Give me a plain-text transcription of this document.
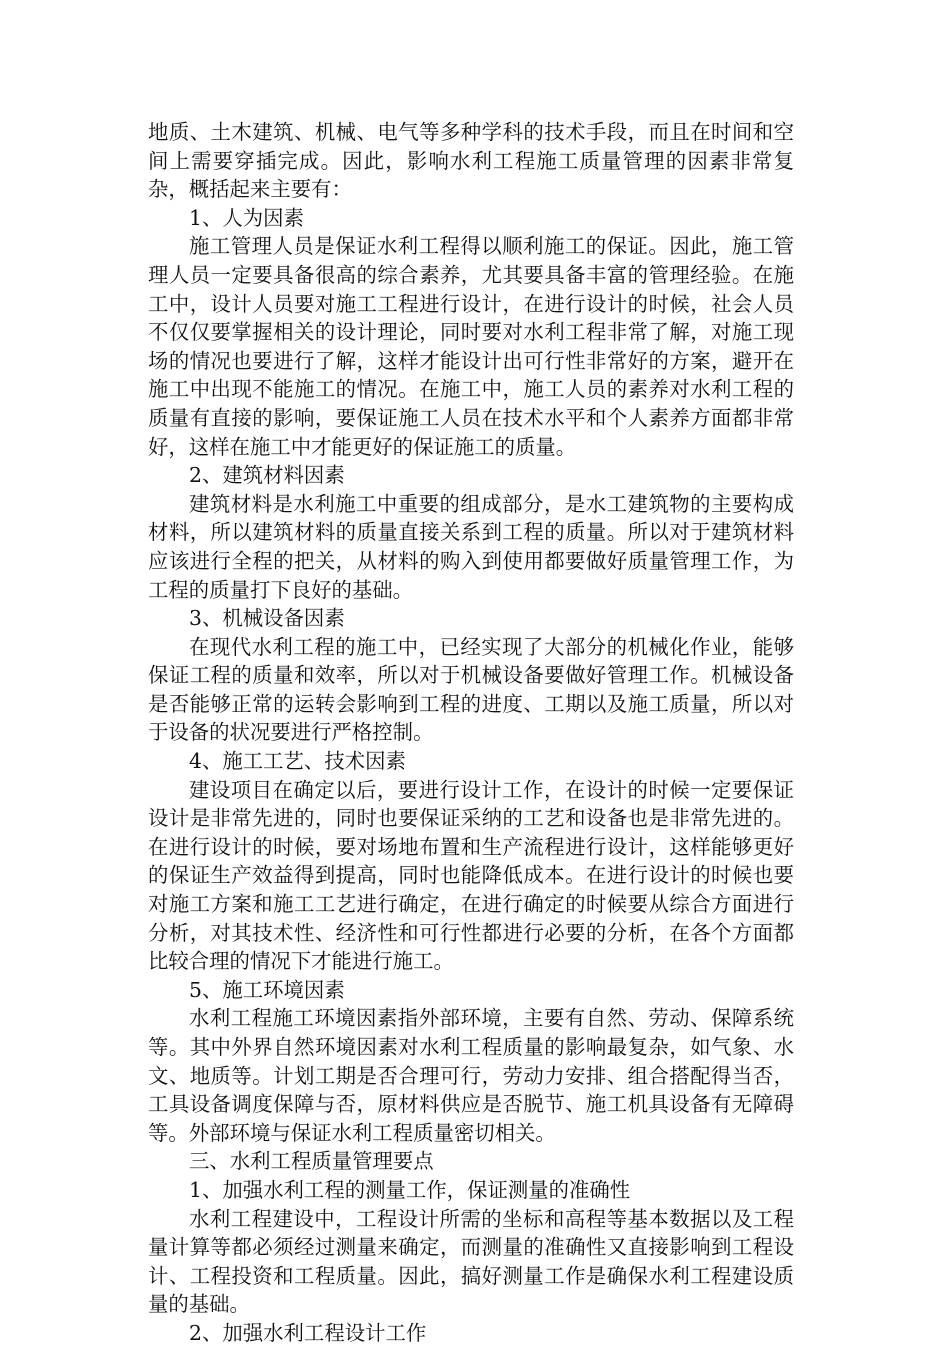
地质、土木建筑、机械、电气等多种学科的技术手段，而且在时间和空间上需要穿插完成。因此，影响水利工程施工质量管理的因素非常复杂，概括起来主要有：

1、人为因素

施工管理人员是保证水利工程得以顺利施工的保证。因此，施工管理人员一定要具备很高的综合素养，尤其要具备丰富的管理经验。在施工中，设计人员要对施工工程进行设计，在进行设计的时候，社会人员不仅仅要掌握相关的设计理论，同时要对水利工程非常了解，对施工现场的情况也要进行了解，这样才能设计出可行性非常好的方案，避开在施工中出现不能施工的情况。在施工中，施工人员的素养对水利工程的质量有直接的影响，要保证施工人员在技术水平和个人素养方面都非常好，这样在施工中才能更好的保证施工的质量。

2、建筑材料因素

建筑材料是水利施工中重要的组成部分，是水工建筑物的主要构成材料，所以建筑材料的质量直接关系到工程的质量。所以对于建筑材料应该进行全程的把关，从材料的购入到使用都要做好质量管理工作，为工程的质量打下良好的基础。

3、机械设备因素

在现代水利工程的施工中，已经实现了大部分的机械化作业，能够保证工程的质量和效率，所以对于机械设备要做好管理工作。机械设备是否能够正常的运转会影响到工程的进度、工期以及施工质量，所以对于设备的状况要进行严格控制。

4、施工工艺、技术因素

建设项目在确定以后，要进行设计工作，在设计的时候一定要保证设计是非常先进的，同时也要保证采纳的工艺和设备也是非常先进的。在进行设计的时候，要对场地布置和生产流程进行设计，这样能够更好的保证生产效益得到提高，同时也能降低成本。在进行设计的时候也要对施工方案和施工工艺进行确定，在进行确定的时候要从综合方面进行分析，对其技术性、经济性和可行性都进行必要的分析，在各个方面都比较合理的情况下才能进行施工。

5、施工环境因素

水利工程施工环境因素指外部环境，主要有自然、劳动、保障系统等。其中外界自然环境因素对水利工程质量的影响最复杂，如气象、水文、地质等。计划工期是否合理可行，劳动力安排、组合搭配得当否，工具设备调度保障与否，原材料供应是否脱节、施工机具设备有无障碍等。外部环境与保证水利工程质量密切相关。

三、水利工程质量管理要点

1、加强水利工程的测量工作，保证测量的准确性

水利工程建设中，工程设计所需的坐标和高程等基本数据以及工程量计算等都必须经过测量来确定，而测量的准确性又直接影响到工程设计、工程投资和工程质量。因此，搞好测量工作是确保水利工程建设质量的基础。

2、加强水利工程设计工作
